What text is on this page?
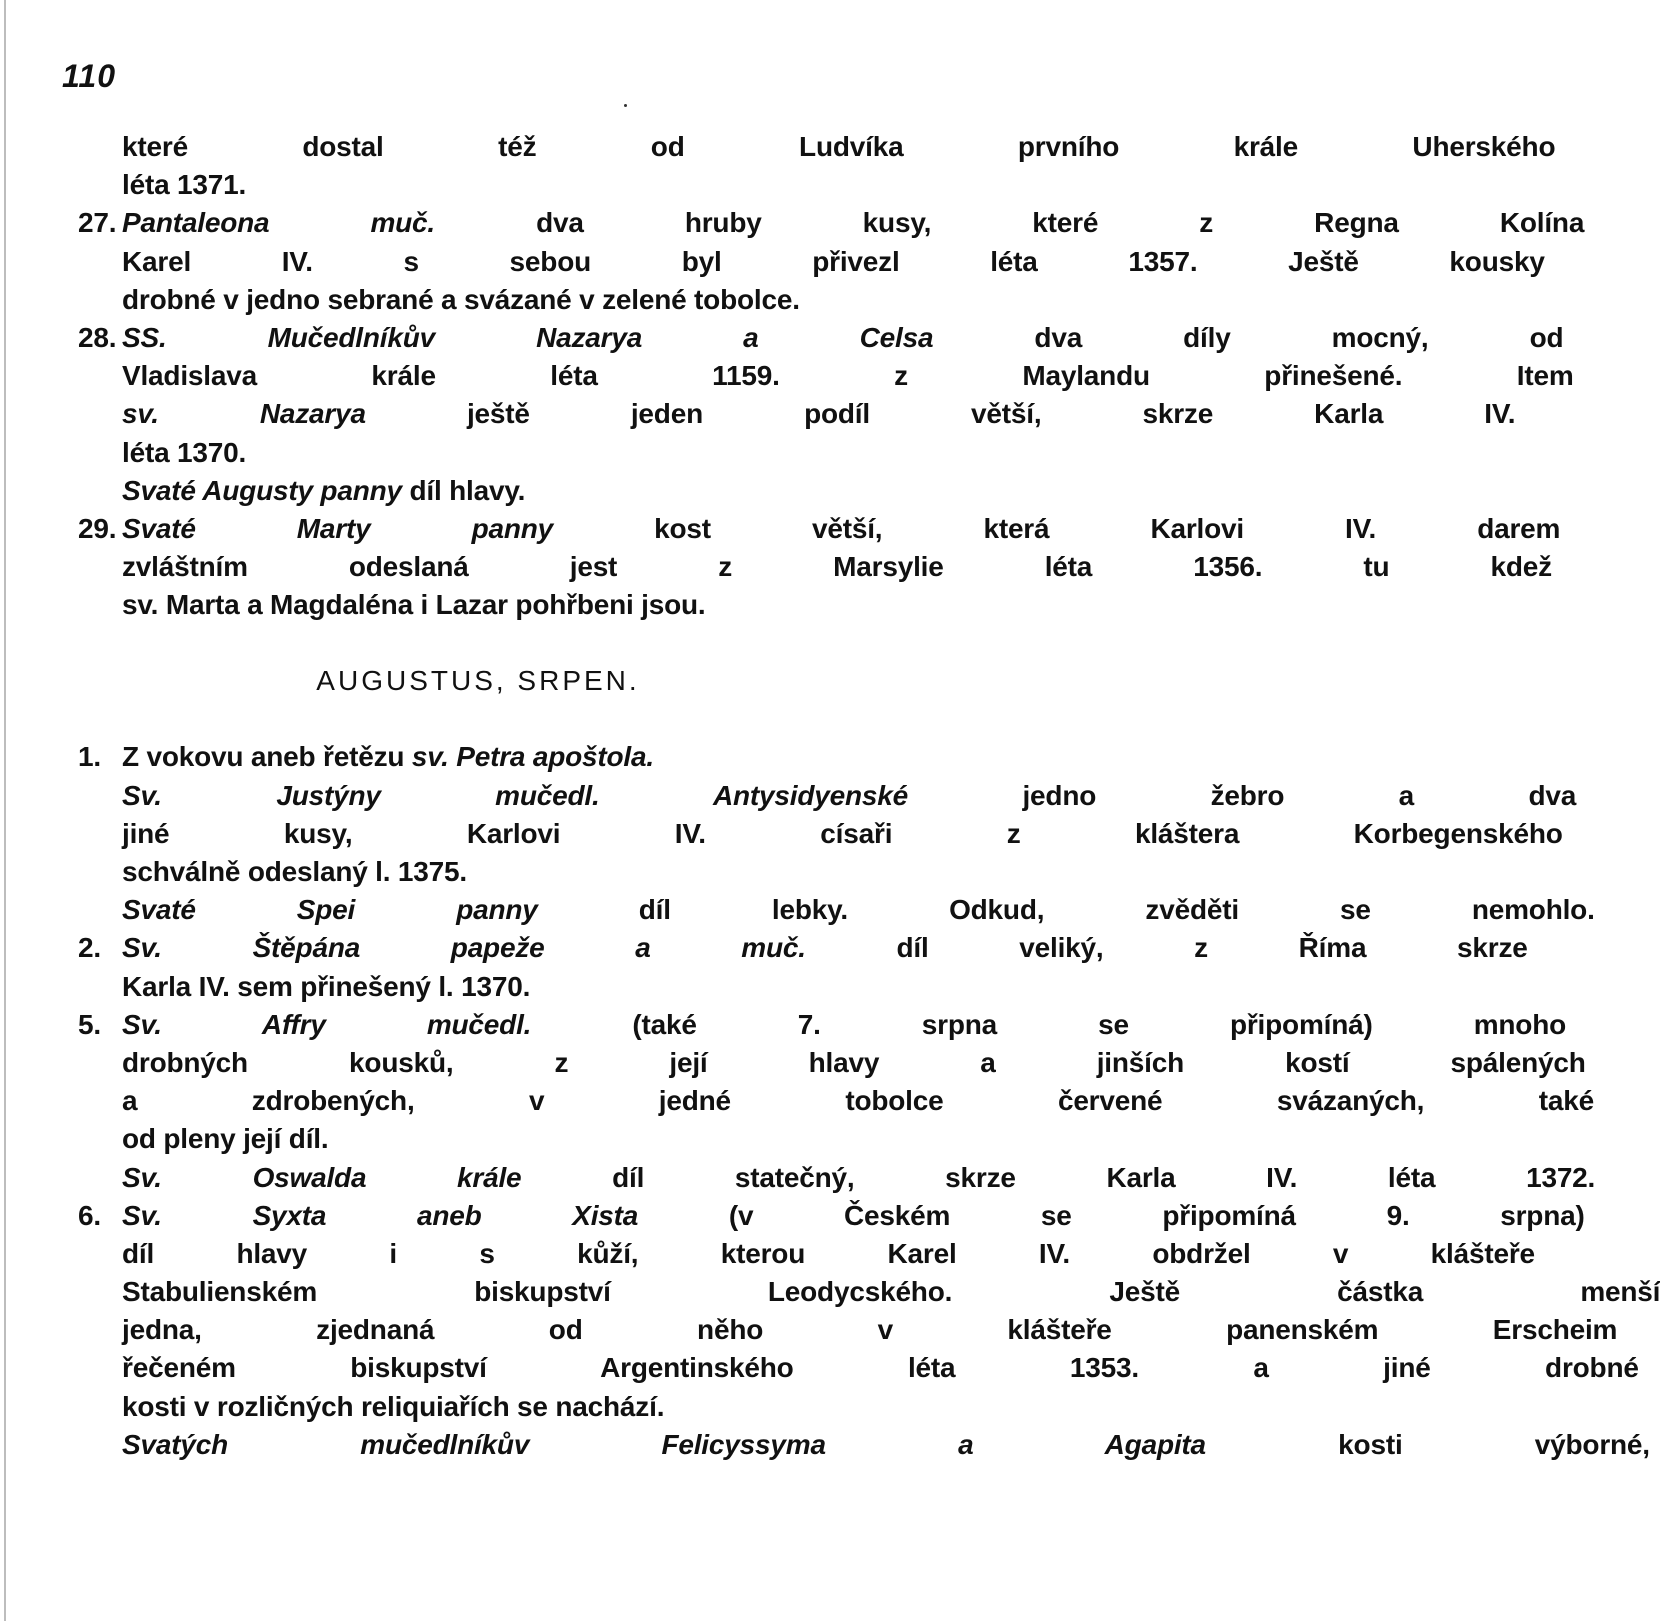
110
které dostal též od Ludvíka prvního krále Uherského
léta 1371.
27. Pantaleona muč. dva hruby kusy, které z Regna Kolína
Karel IV. s sebou byl přivezl léta 1357. Ještě kousky
drobné v jedno sebrané a svázané v zelené tobolce.
28. SS. Mučedlníkův Nazarya a Celsa dva díly mocný, od
Vladislava krále léta 1159. z Maylandu přinešené. Item
sv. Nazarya ještě jeden podíl větší, skrze Karla IV.
léta 1370.
Svaté Augusty panny díl hlavy.
29. Svaté Marty panny kost větší, která Karlovi IV. darem
zvláštním odeslaná jest z Marsylie léta 1356. tu kdež
sv. Marta a Magdaléna i Lazar pohřbeni jsou.
AUGUSTUS, SRPEN.
1. Z vokovu aneb řetězu sv. Petra apoštola.
Sv. Justýny mučedl. Antysidyenské jedno žebro a dva
jiné kusy, Karlovi IV. císaři z kláštera Korbegenského
schválně odeslaný l. 1375.
Svaté Spei panny díl lebky. Odkud, zvěděti se nemohlo.
2. Sv. Štěpána papeže a muč. díl veliký, z Říma skrze
Karla IV. sem přinešený l. 1370.
5. Sv. Affry mučedl. (také 7. srpna se připomíná) mnoho
drobných kousků, z její hlavy a jinších kostí spálených
a zdrobených, v jedné tobolce červené svázaných, také
od pleny její díl.
Sv. Oswalda krále díl statečný, skrze Karla IV. léta 1372.
6. Sv. Syxta aneb Xista (v Českém se připomíná 9. srpna)
díl hlavy i s kůží, kterou Karel IV. obdržel v klášteře
Stabulienském biskupství Leodycského. Ještě částka menší
jedna, zjednaná od něho v klášteře panenském Erscheim
řečeném biskupství Argentinského léta 1353. a jiné drobné
kosti v rozličných reliquiařích se nachází.
Svatých mučedlníkův Felicyssyma a Agapita kosti výborné,
